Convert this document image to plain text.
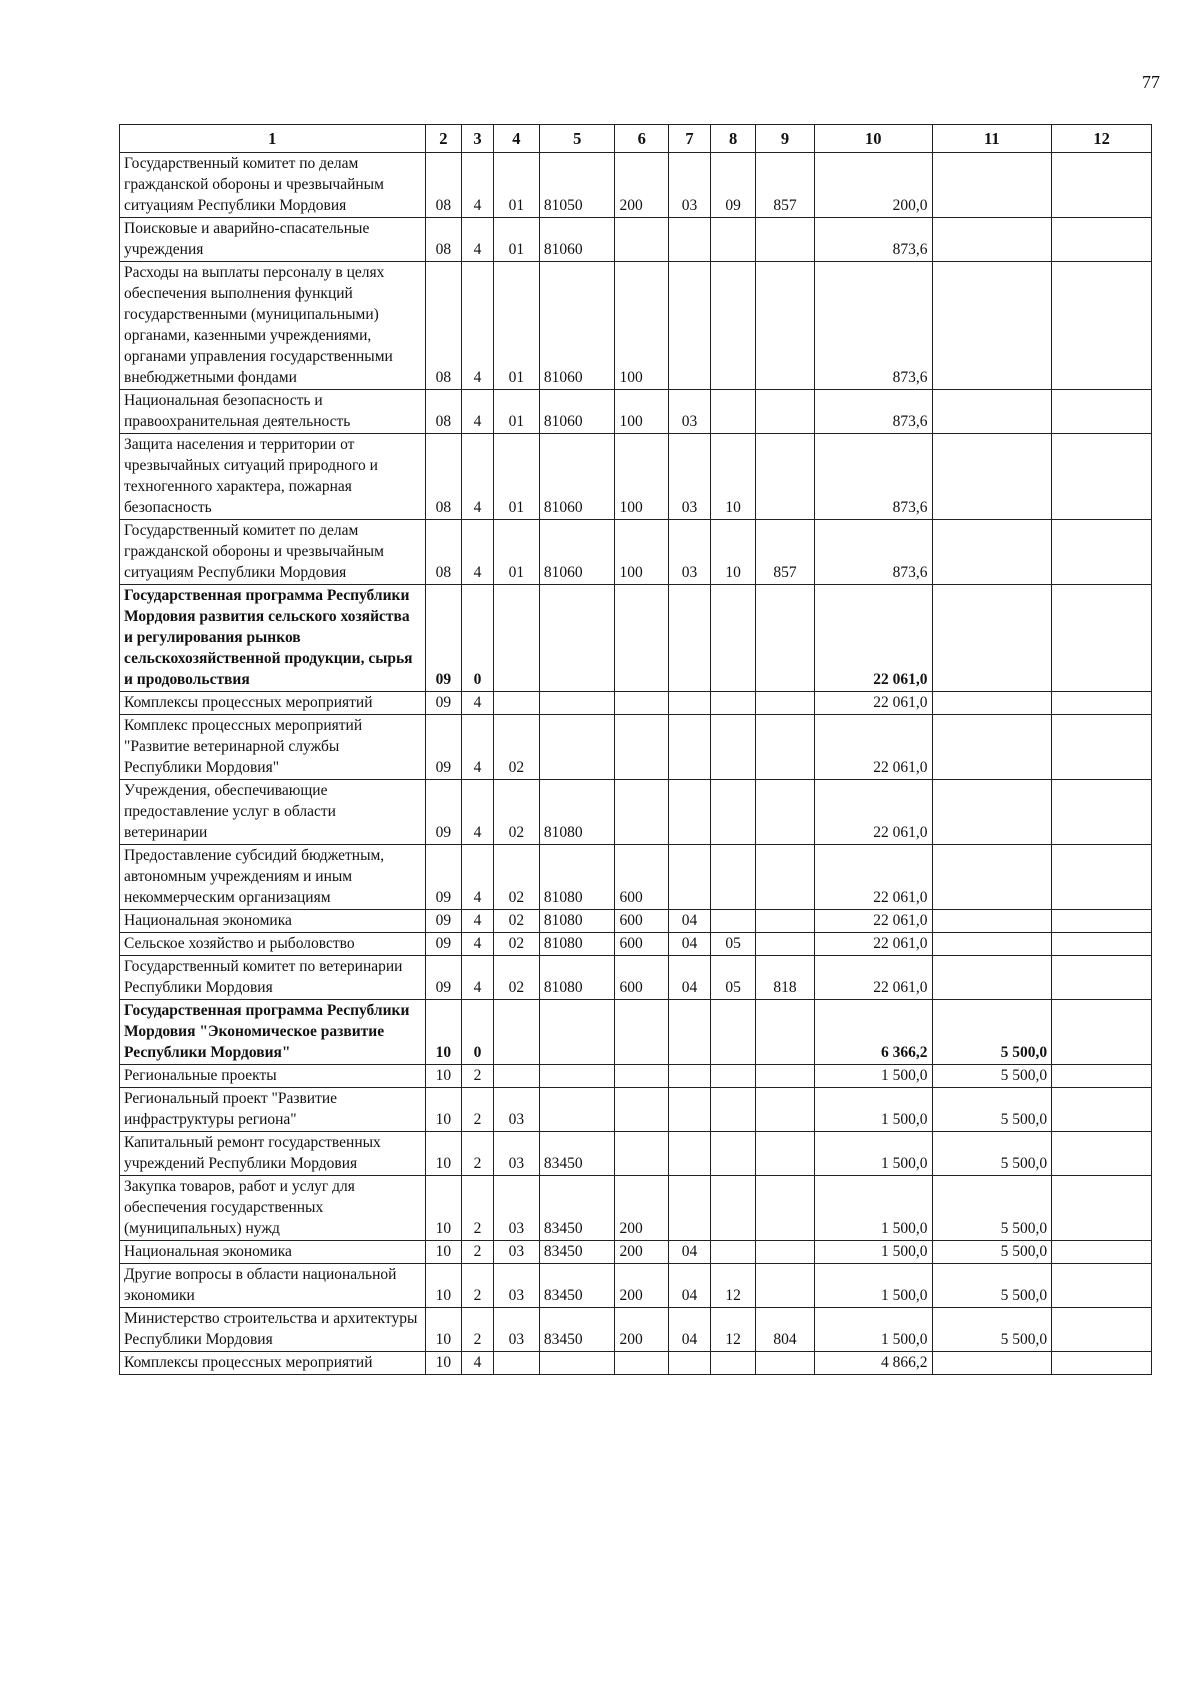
77
1	2	3	4	5	6	7	8	9	10	11	12
Государственный комитет по делам гражданской обороны и чрезвычайным ситуациям Республики Мордовия	08	4	01	81050	200	03	09	857	200,0		
Поисковые и аварийно-спасательные учреждения	08	4	01	81060					873,6		
Расходы на выплаты персоналу в целях обеспечения выполнения функций государственными (муниципальными) органами, казенными учреждениями, органами управления государственными внебюджетными фондами	08	4	01	81060	100				873,6		
Национальная безопасность и правоохранительная деятельность	08	4	01	81060	100	03			873,6		
Защита населения и территории от чрезвычайных ситуаций природного и техногенного характера, пожарная безопасность	08	4	01	81060	100	03	10		873,6		
Государственный комитет по делам гражданской обороны и чрезвычайным ситуациям Республики Мордовия	08	4	01	81060	100	03	10	857	873,6		
Государственная программа Республики Мордовия развития сельского хозяйства и регулирования рынков сельскохозяйственной продукции, сырья и продовольствия	09	0							22 061,0		
Комплексы процессных мероприятий	09	4							22 061,0		
Комплекс процессных мероприятий "Развитие ветеринарной службы Республики Мордовия"	09	4	02						22 061,0		
Учреждения, обеспечивающие предоставление услуг в области ветеринарии	09	4	02	81080					22 061,0		
Предоставление субсидий бюджетным, автономным учреждениям и иным некоммерческим организациям	09	4	02	81080	600				22 061,0		
Национальная экономика	09	4	02	81080	600	04			22 061,0		
Сельское хозяйство и рыболовство	09	4	02	81080	600	04	05		22 061,0		
Государственный комитет по ветеринарии Республики Мордовия	09	4	02	81080	600	04	05	818	22 061,0		
Государственная программа Республики Мордовия "Экономическое развитие Республики Мордовия"	10	0							6 366,2	5 500,0	
Региональные проекты	10	2							1 500,0	5 500,0	
Региональный проект "Развитие инфраструктуры региона"	10	2	03						1 500,0	5 500,0	
Капитальный ремонт государственных учреждений Республики Мордовия	10	2	03	83450					1 500,0	5 500,0	
Закупка товаров, работ и услуг для обеспечения государственных (муниципальных) нужд	10	2	03	83450	200				1 500,0	5 500,0	
Национальная экономика	10	2	03	83450	200	04			1 500,0	5 500,0	
Другие вопросы в области национальной экономики	10	2	03	83450	200	04	12		1 500,0	5 500,0	
Министерство строительства и архитектуры Республики Мордовия	10	2	03	83450	200	04	12	804	1 500,0	5 500,0	
Комплексы процессных мероприятий	10	4							4 866,2		
